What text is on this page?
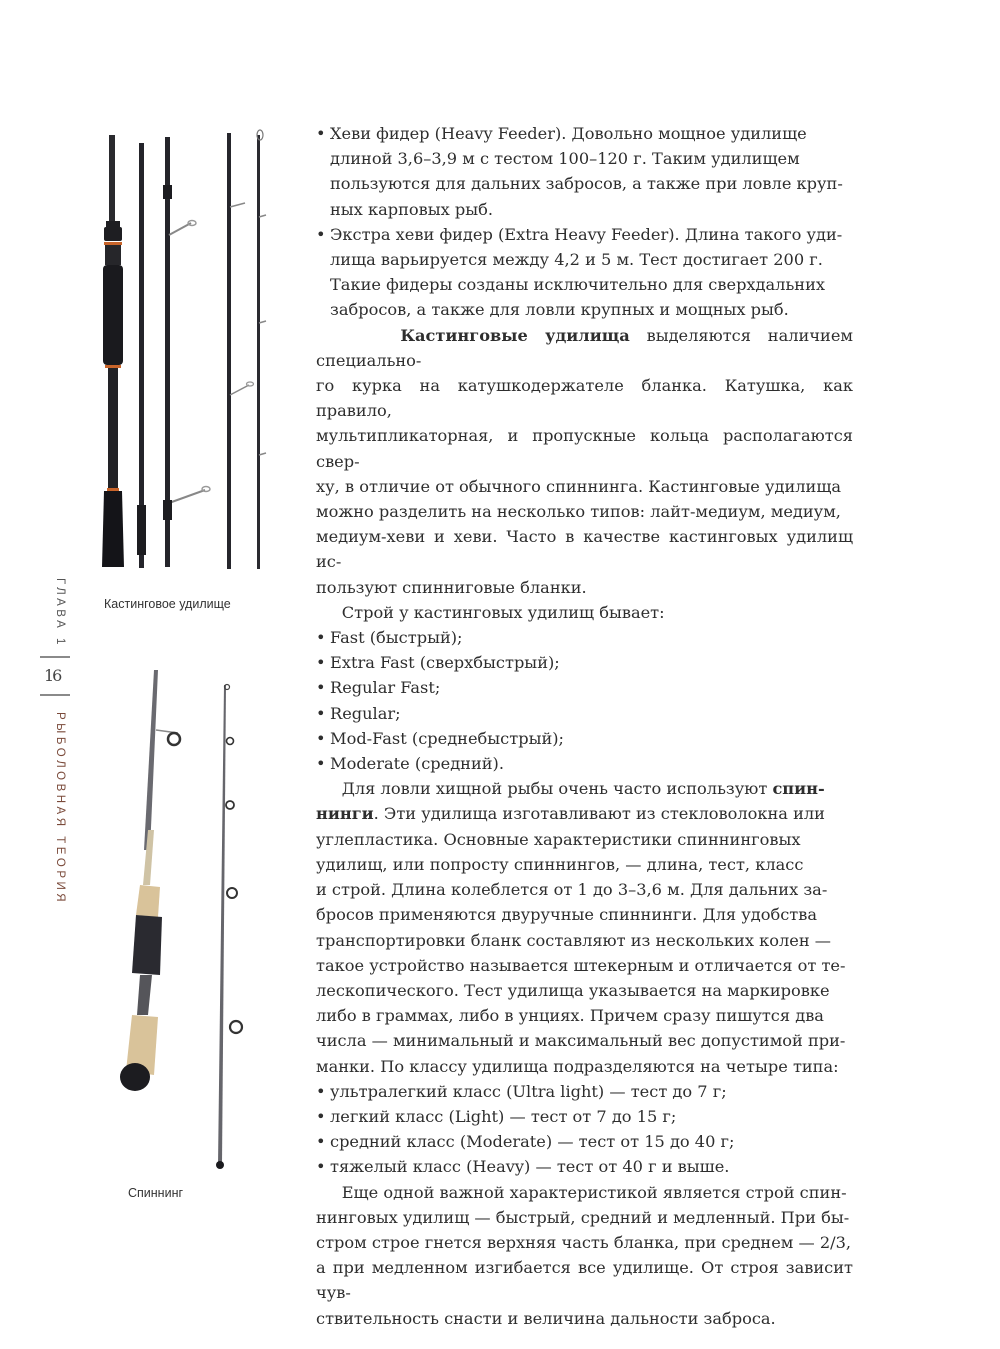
ГЛАВА 1
16
РЫБОЛОВНАЯ ТЕОРИЯ
Кастинговое удилище
Спиннинг
• Хеви фидер (Heavy Feeder). Довольно мощное удилище
длиной 3,6–3,9 м с тестом 100–120 г. Таким удилищем
пользуются для дальних забросов, а также при ловле круп-
ных карповых рыб.
• Экстра хеви фидер (Extra Heavy Feeder). Длина такого уди-
лища варьируется между 4,2 и 5 м. Тест достигает 200 г.
Такие фидеры созданы исключительно для сверхдальних
забросов, а также для ловли крупных и мощных рыб.
Кастинговые удилища выделяются наличием специально-
го курка на катушкодержателе бланка. Катушка, как правило,
мультипликаторная, и пропускные кольца располагаются свер-
ху, в отличие от обычного спиннинга. Кастинговые удилища
можно разделить на несколько типов: лайт-медиум, медиум,
медиум-хеви и хеви. Часто в качестве кастинговых удилищ ис-
пользуют спинниговые бланки.
Строй у кастинговых удилищ бывает:
• Fast (быстрый);
• Extra Fast (сверхбыстрый);
• Regular Fast;
• Regular;
• Mod-Fast (среднебыстрый);
• Moderate (средний).
Для ловли хищной рыбы очень часто используют спин-
нинги. Эти удилища изготавливают из стекловолокна или
углепластика. Основные характеристики спиннинговых
удилищ, или попросту спиннингов, — длина, тест, класс
и строй. Длина колеблется от 1 до 3–3,6 м. Для дальних за-
бросов применяются двуручные спиннинги. Для удобства
транспортировки бланк составляют из нескольких колен —
такое устройство называется штекерным и отличается от те-
лескопического. Тест удилища указывается на маркировке
либо в граммах, либо в унциях. Причем сразу пишутся два
числа — минимальный и максимальный вес допустимой при-
манки. По классу удилища подразделяются на четыре типа:
• ультралегкий класс (Ultra light) — тест до 7 г;
• легкий класс (Light) — тест от 7 до 15 г;
• средний класс (Moderate) — тест от 15 до 40 г;
• тяжелый класс (Heavy) — тест от 40 г и выше.
Еще одной важной характеристикой является строй спин-
нинговых удилищ — быстрый, средний и медленный. При бы-
стром строе гнется верхняя часть бланка, при среднем — 2/3,
а при медленном изгибается все удилище. От строя зависит чув-
ствительность снасти и величина дальности заброса.
